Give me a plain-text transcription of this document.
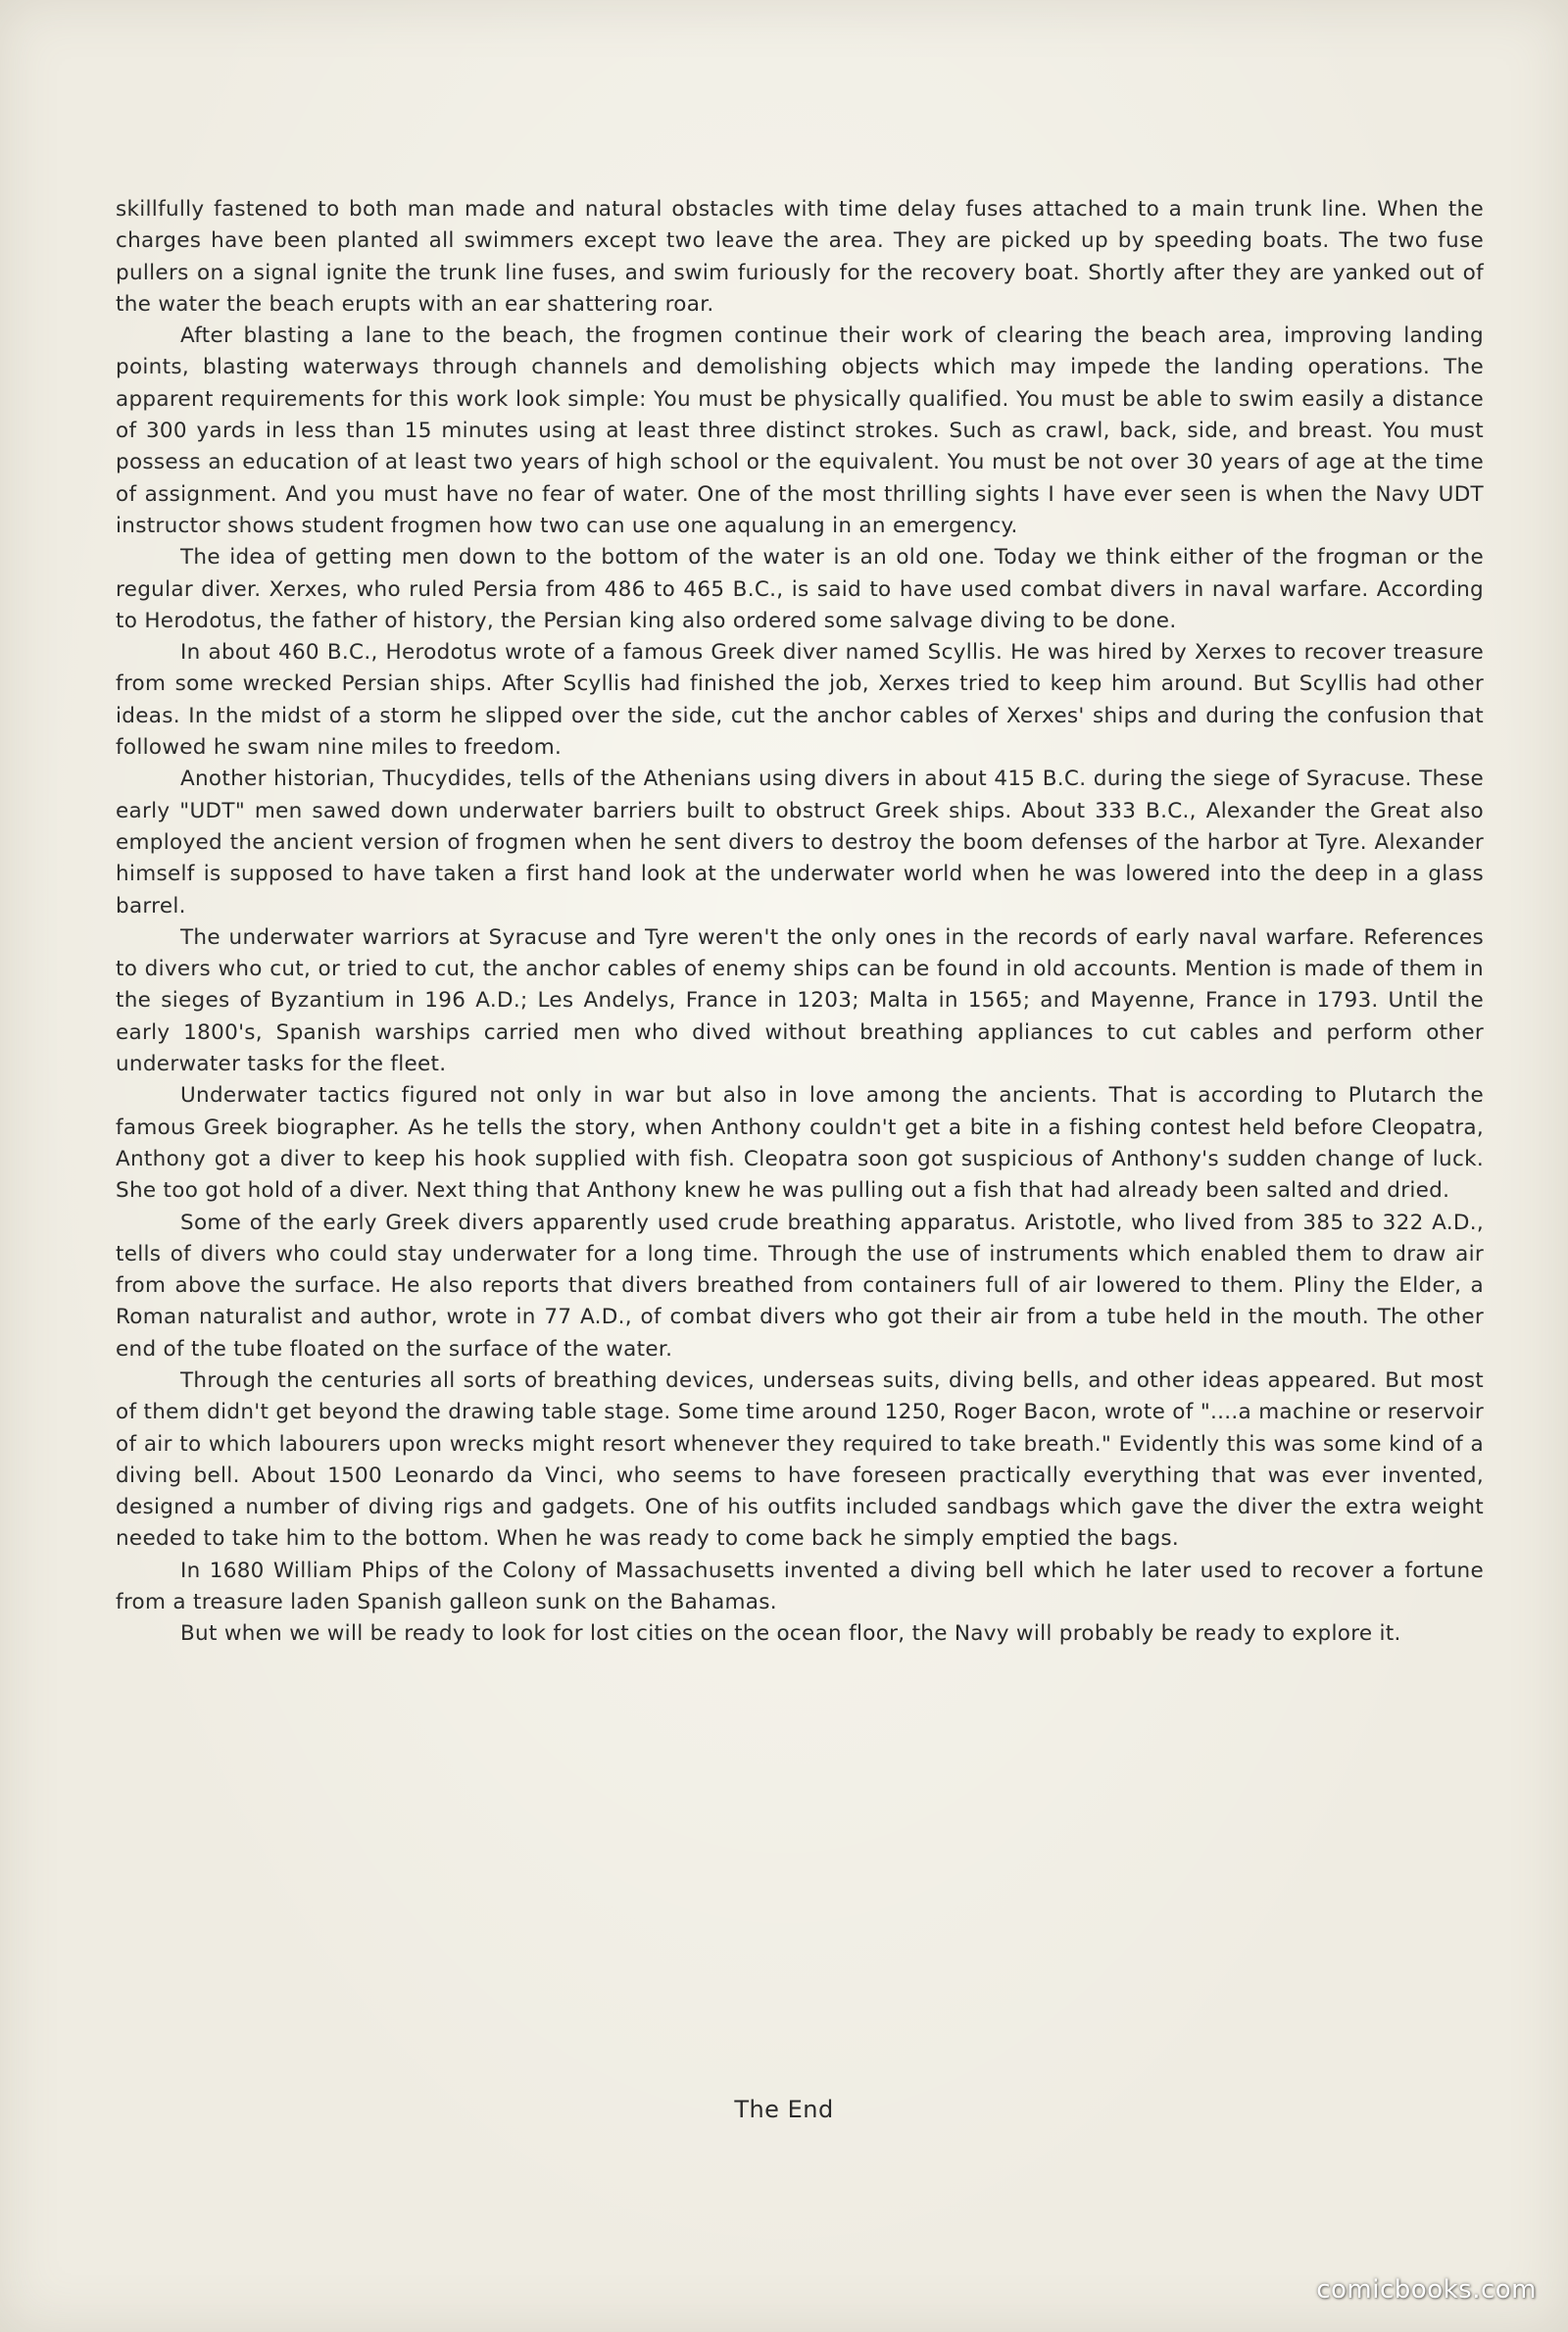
skillfully fastened to both man made and natural obstacles with time delay fuses attached to a main trunk line. When the charges have been planted all swimmers except two leave the area. They are picked up by speeding boats. The two fuse pullers on a signal ignite the trunk line fuses, and swim furiously for the recovery boat. Shortly after they are yanked out of the water the beach erupts with an ear shattering roar.

After blasting a lane to the beach, the frogmen continue their work of clearing the beach area, improving landing points, blasting waterways through channels and demolishing objects which may impede the landing operations. The apparent requirements for this work look simple: You must be physically qualified. You must be able to swim easily a distance of 300 yards in less than 15 minutes using at least three distinct strokes. Such as crawl, back, side, and breast. You must possess an education of at least two years of high school or the equivalent. You must be not over 30 years of age at the time of assignment. And you must have no fear of water. One of the most thrilling sights I have ever seen is when the Navy UDT instructor shows student frogmen how two can use one aqualung in an emergency.

The idea of getting men down to the bottom of the water is an old one. Today we think either of the frogman or the regular diver. Xerxes, who ruled Persia from 486 to 465 B.C., is said to have used combat divers in naval warfare. According to Herodotus, the father of history, the Persian king also ordered some salvage diving to be done.

In about 460 B.C., Herodotus wrote of a famous Greek diver named Scyllis. He was hired by Xerxes to recover treasure from some wrecked Persian ships. After Scyllis had finished the job, Xerxes tried to keep him around. But Scyllis had other ideas. In the midst of a storm he slipped over the side, cut the anchor cables of Xerxes' ships and during the confusion that followed he swam nine miles to freedom.

Another historian, Thucydides, tells of the Athenians using divers in about 415 B.C. during the siege of Syracuse. These early "UDT" men sawed down underwater barriers built to obstruct Greek ships. About 333 B.C., Alexander the Great also employed the ancient version of frogmen when he sent divers to destroy the boom defenses of the harbor at Tyre. Alexander himself is supposed to have taken a first hand look at the underwater world when he was lowered into the deep in a glass barrel.

The underwater warriors at Syracuse and Tyre weren't the only ones in the records of early naval warfare. References to divers who cut, or tried to cut, the anchor cables of enemy ships can be found in old accounts. Mention is made of them in the sieges of Byzantium in 196 A.D.; Les Andelys, France in 1203; Malta in 1565; and Mayenne, France in 1793. Until the early 1800's, Spanish warships carried men who dived without breathing appliances to cut cables and perform other underwater tasks for the fleet.

Underwater tactics figured not only in war but also in love among the ancients. That is according to Plutarch the famous Greek biographer. As he tells the story, when Anthony couldn't get a bite in a fishing contest held before Cleopatra, Anthony got a diver to keep his hook supplied with fish. Cleopatra soon got suspicious of Anthony's sudden change of luck. She too got hold of a diver. Next thing that Anthony knew he was pulling out a fish that had already been salted and dried.

Some of the early Greek divers apparently used crude breathing apparatus. Aristotle, who lived from 385 to 322 A.D., tells of divers who could stay underwater for a long time. Through the use of instruments which enabled them to draw air from above the surface. He also reports that divers breathed from containers full of air lowered to them. Pliny the Elder, a Roman naturalist and author, wrote in 77 A.D., of combat divers who got their air from a tube held in the mouth. The other end of the tube floated on the surface of the water.

Through the centuries all sorts of breathing devices, underseas suits, diving bells, and other ideas appeared. But most of them didn't get beyond the drawing table stage. Some time around 1250, Roger Bacon, wrote of "....a machine or reservoir of air to which labourers upon wrecks might resort whenever they required to take breath." Evidently this was some kind of a diving bell. About 1500 Leonardo da Vinci, who seems to have foreseen practically everything that was ever invented, designed a number of diving rigs and gadgets. One of his outfits included sandbags which gave the diver the extra weight needed to take him to the bottom. When he was ready to come back he simply emptied the bags.

In 1680 William Phips of the Colony of Massachusetts invented a diving bell which he later used to recover a fortune from a treasure laden Spanish galleon sunk on the Bahamas.

But when we will be ready to look for lost cities on the ocean floor, the Navy will probably be ready to explore it.

The End
comicbooks.com
